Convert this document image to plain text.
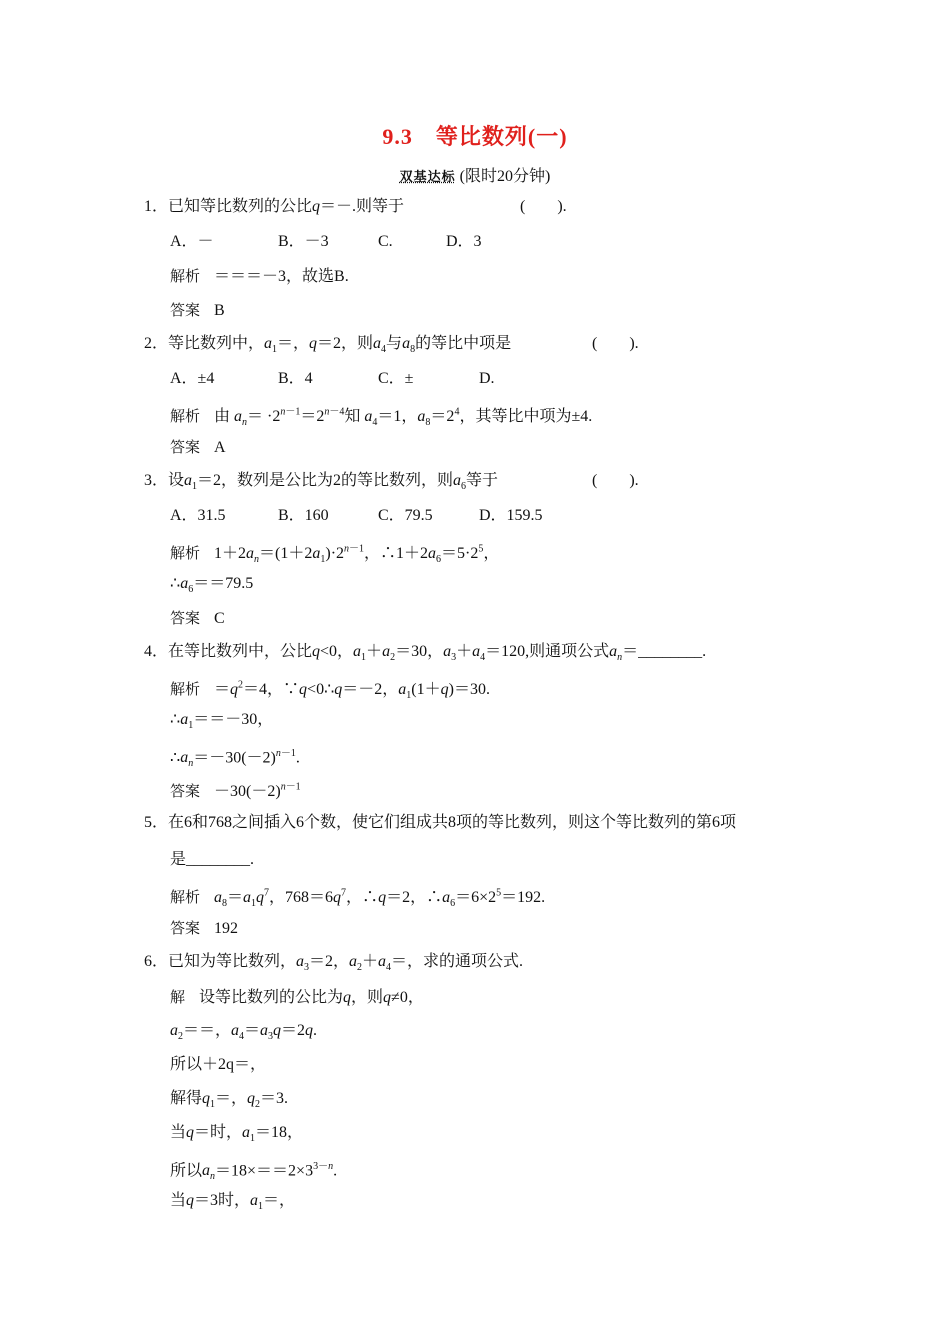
9.3　等比数列(一)
双基达标 (限时20分钟)
1．已知等比数列的公比q＝－.则等于	(　　).
A．－	B．－3	C.	D．3
解析 ＝＝＝－3，故选B.
答案 B
2．等比数列中，$a_1=$，q＝2，则$a_4$与$a_8$的等比中项是	(　　).
A．±4	B．4	C．±	D.
解析 由 $a_n= \cdot 2^{n-1}=2^{n-4}$知 $a_4=1$，$a_8=2^4$，其等比中项为±4.
答案 A
3．设$a_1=2$，数列是公比为2的等比数列，则$a_6$等于	(　　).
A．31.5	B．160	C．79.5	D．159.5
解析 $1+2a_n=(1+2a_1)\cdot 2^{n-1}$，$\therefore 1+2a_6=5\cdot 2^5$，
$\therefore a_6==79.5$
答案 C
4．在等比数列中，公比q<0，$a_1+a_2=30$，$a_3+a_4=120$,则通项公式$a_n=\_\_\_\_\_\_\_\_$.
解析 $=q^2=4$，∵q<0∴q＝－2，$a_1(1+q)=30$.
$\therefore a_1==-30$，
$\therefore a_n=-30(-2)^{n-1}$.
答案 $-30(-2)^{n-1}$
5．在6和768之间插入6个数，使它们组成共8项的等比数列，则这个等比数列的第6项
是________.
解析 $a_8=a_1q^7$，$768=6q^7$，∴q＝2，$\therefore a_6=6\times 2^5=192$.
答案 192
6．已知为等比数列，$a_3=2$，$a_2+a_4=$，求的通项公式.
解 设等比数列的公比为q，则q≠0，
$a_2==$，$a_4=a_3q=2q$.
所以＋2q＝，
解得$q_1=$，$q_2=3$.
当q＝时，$a_1=18$，
所以$a_n=18\times==2\times 3^{3-n}$.
当q＝3时，$a_1=$，
